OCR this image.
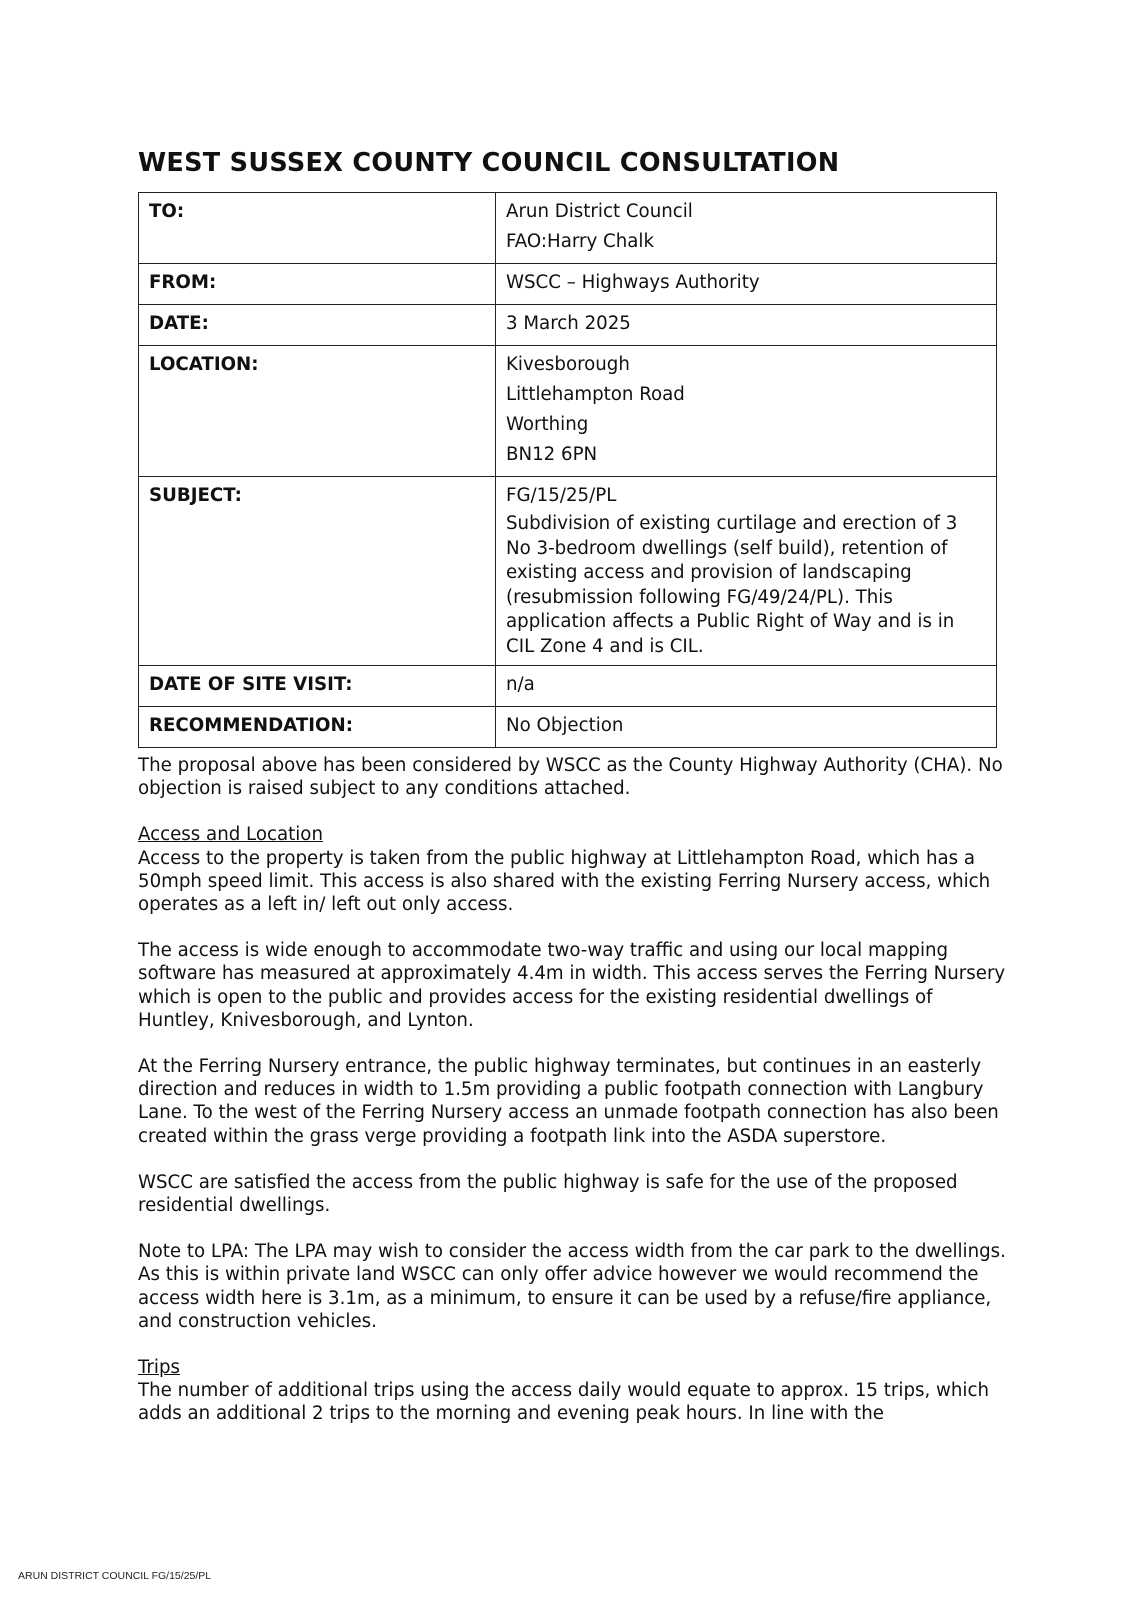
WEST SUSSEX COUNTY COUNCIL CONSULTATION
TO:	Arun District Council
FAO:Harry Chalk

FROM:	WSCC – Highways Authority

DATE:	3 March 2025

LOCATION:	Kivesborough
Littlehampton Road
Worthing
BN12 6PN

SUBJECT:	FG/15/25/PL
Subdivision of existing curtilage and erection of 3 No 3-bedroom dwellings (self build), retention of existing access and provision of landscaping (resubmission following FG/49/24/PL). This application affects a Public Right of Way and is in CIL Zone 4 and is CIL.

DATE OF SITE VISIT:	n/a

RECOMMENDATION:	No Objection

The proposal above has been considered by WSCC as the County Highway Authority (CHA). No objection is raised subject to any conditions attached.

Access and Location
Access to the property is taken from the public highway at Littlehampton Road, which has a 50mph speed limit. This access is also shared with the existing Ferring Nursery access, which operates as a left in/ left out only access.

The access is wide enough to accommodate two-way traffic and using our local mapping software has measured at approximately 4.4m in width. This access serves the Ferring Nursery which is open to the public and provides access for the existing residential dwellings of Huntley, Knivesborough, and Lynton.

At the Ferring Nursery entrance, the public highway terminates, but continues in an easterly direction and reduces in width to 1.5m providing a public footpath connection with Langbury Lane. To the west of the Ferring Nursery access an unmade footpath connection has also been created within the grass verge providing a footpath link into the ASDA superstore.

WSCC are satisfied the access from the public highway is safe for the use of the proposed residential dwellings.

Note to LPA: The LPA may wish to consider the access width from the car park to the dwellings. As this is within private land WSCC can only offer advice however we would recommend the access width here is 3.1m, as a minimum, to ensure it can be used by a refuse/fire appliance, and construction vehicles.

Trips
The number of additional trips using the access daily would equate to approx. 15 trips, which adds an additional 2 trips to the morning and evening peak hours. In line with the

ARUN DISTRICT COUNCIL FG/15/25/PL
